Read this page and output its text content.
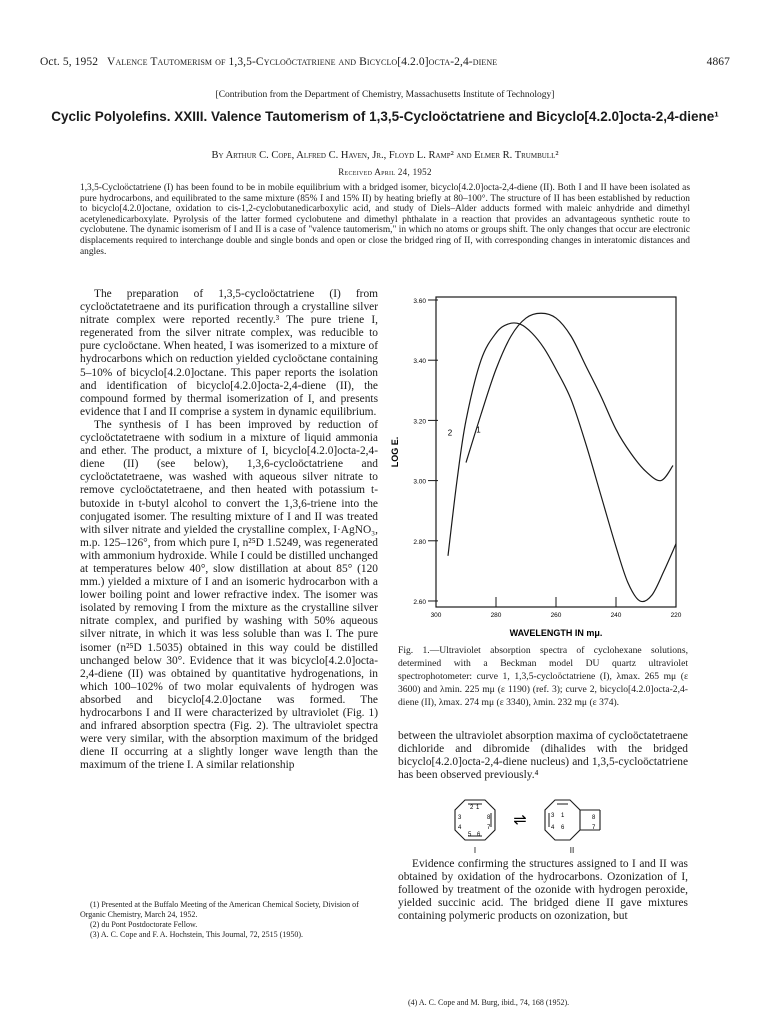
Oct. 5, 1952 Valence Tautomerism of 1,3,5-Cycloöctatriene and Bicyclo[4.2.0]octa-2,4-diene	4867
[Contribution from the Department of Chemistry, Massachusetts Institute of Technology]
Cyclic Polyolefins. XXIII. Valence Tautomerism of 1,3,5-Cycloöctatriene and Bicyclo[4.2.0]octa-2,4-diene¹
By Arthur C. Cope, Alfred C. Haven, Jr., Floyd L. Ramp² and Elmer R. Trumbull²
Received April 24, 1952
1,3,5-Cycloöctatriene (I) has been found to be in mobile equilibrium with a bridged isomer, bicyclo[4.2.0]octa-2,4-diene (II). Both I and II have been isolated as pure hydrocarbons, and equilibrated to the same mixture (85% I and 15% II) by heating briefly at 80–100°. The structure of II has been established by reduction to bicyclo[4.2.0]octane, oxidation to cis-1,2-cyclobutanedicarboxylic acid, and study of Diels–Alder adducts formed with maleic anhydride and dimethyl acetylenedicarboxylate. Pyrolysis of the latter formed cyclobutene and dimethyl phthalate in a reaction that provides an advantageous synthetic route to cyclobutene. The dynamic isomerism of I and II is a case of "valence tautomerism," in which no atoms or groups shift. The only changes that occur are electronic displacements required to interchange double and single bonds and open or close the bridged ring of II, with corresponding changes in interatomic distances and angles.

The preparation of 1,3,5-cycloöctatriene (I) from cycloöctatetraene and its purification through a crystalline silver nitrate complex were reported recently.³ The pure triene I, regenerated from the silver nitrate complex, was reducible to pure cycloöctane. When heated, I was isomerized to a mixture of hydrocarbons which on reduction yielded cycloöctane containing 5–10% of bicyclo[4.2.0]octane. This paper reports the isolation and identification of bicyclo[4.2.0]octa-2,4-diene (II), the compound formed by thermal isomerization of I, and presents evidence that I and II comprise a system in dynamic equilibrium.

The synthesis of I has been improved by reduction of cycloöctatetraene with sodium in a mixture of liquid ammonia and ether. The product, a mixture of I, bicyclo[4.2.0]octa-2,4-diene (II) (see below), 1,3,6-cycloöctatriene and cycloöctatetraene, was washed with aqueous silver nitrate to remove cycloöctatetraene, and then heated with potassium t-butoxide in t-butyl alcohol to convert the 1,3,6-triene into the conjugated isomer. The resulting mixture of I and II was treated with silver nitrate and yielded the crystalline complex, I·AgNO₃, m.p. 125–126°, from which pure I, n²⁵D 1.5249, was regenerated with ammonium hydroxide. While I could be distilled unchanged at temperatures below 40°, slow distillation at about 85° (120 mm.) yielded a mixture of I and an isomeric hydrocarbon with a lower boiling point and lower refractive index. The isomer was isolated by removing I from the mixture as the crystalline silver nitrate complex, and purified by washing with 50% aqueous silver nitrate, in which it was less soluble than was I. The pure isomer (n²⁵D 1.5035) obtained in this way could be distilled unchanged below 30°. Evidence that it was bicyclo[4.2.0]octa-2,4-diene (II) was obtained by quantitative hydrogenations, in which 100–102% of two molar equivalents of hydrogen was absorbed and bicyclo[4.2.0]octane was formed. The hydrocarbons I and II were characterized by ultraviolet (Fig. 1) and infrared absorption spectra (Fig. 2). The ultraviolet spectra were very similar, with the absorption maximum of the bridged diene II occurring at a slightly longer wave length than the maximum of the triene I. A similar relationship

(1) Presented at the Buffalo Meeting of the American Chemical Society, Division of Organic Chemistry, March 24, 1952.

(2) du Pont Postdoctorate Fellow.

(3) A. C. Cope and F. A. Hochstein, This Journal, 72, 2515 (1950).

3.60
3.40
3.20
3.00
2.80
2.60
300	280	260	240	220
1
2
LOG E.
WAVELENGTH IN mμ.
Fig. 1.—Ultraviolet absorption spectra of cyclohexane solutions, determined with a Beckman model DU quartz ultraviolet spectrophotometer: curve 1, 1,3,5-cycloöctatriene (I), λmax. 265 mμ (ε 3600) and λmin. 225 mμ (ε 1190) (ref. 3); curve 2, bicyclo[4.2.0]octa-2,4-diene (II), λmax. 274 mμ (ε 3340), λmin. 232 mμ (ε 374).

between the ultraviolet absorption maxima of cycloöctatetraene dichloride and dibromide (dihalides with the bridged bicyclo[4.2.0]octa-2,4-diene nucleus) and 1,3,5-cycloöctatriene has been observed previously.⁴

2 1
3	8
4	7
5 6
⇌	3 1	8
4 6	7
I	II

Evidence confirming the structures assigned to I and II was obtained by oxidation of the hydrocarbons. Ozonization of I, followed by treatment of the ozonide with hydrogen peroxide, yielded succinic acid. The bridged diene II gave mixtures containing polymeric products on ozonization, but

(4) A. C. Cope and M. Burg, ibid., 74, 168 (1952).
